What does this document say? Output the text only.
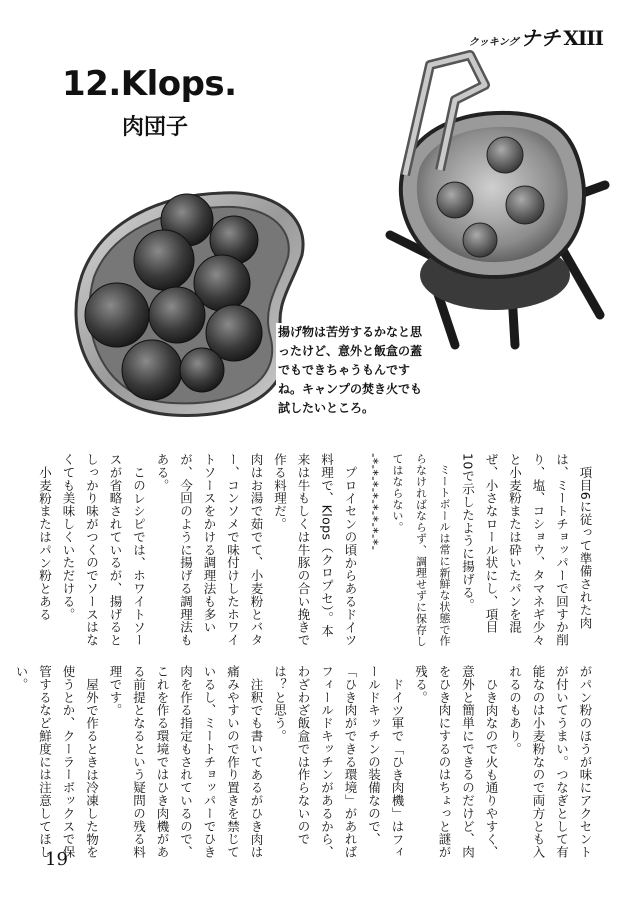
クッキング ナチ XIII
12.Klops.
肉団子
揚げ物は苦労するかなと思ったけど、意外と飯盒の蓋でもできちゃうもんですね。キャンプの焚き火でも試したいところ。

項目6に従って準備された肉は、ミートチョッパーで回すか削り、塩、コショウ、タマネギ少々と小麦粉または砕いたパンを混ぜ、小さなロール状にし、項目10で示したように揚げる。

ミートボールは常に新鮮な状態で作らなければならず、調理せずに保存してはならない。

-*-*-*-*-*-*-*-*-

プロイセンの頃からあるドイツ料理で、Klops（クロプセ）。本来は牛もしくは牛豚の合い挽きで作る料理だ。

肉はお湯で茹でて、小麦粉とバター、コンソメで味付けしたホワイトソースをかける調理法も多いが、今回のように揚げる調理法もある。

このレシピでは、ホワイトソースが省略されているが、揚げるとしっかり味がつくのでソースはなくても美味しくいただける。

小麦粉またはパン粉とある

がパン粉のほうが味にアクセントが付いてうまい。つなぎとして有能なのは小麦粉なので両方とも入れるのもあり。

ひき肉なので火も通りやすく、意外と簡単にできるのだけど、肉をひき肉にするのはちょっと謎が残る。

ドイツ軍で「ひき肉機」はフィールドキッチンの装備なので、「ひき肉ができる環境」があればフィールドキッチンがあるから、わざわざ飯盒では作らないのでは？と思う。

注釈でも書いてあるがひき肉は痛みやすいので作り置きを禁じているし、ミートチョッパーでひき肉を作る指定もされているので、これを作る環境ではひき肉機がある前提となるという疑問の残る料理です。

屋外で作るときは冷凍した物を使うとか、クーラーボックスで保管するなど鮮度には注意してほしい。

19
